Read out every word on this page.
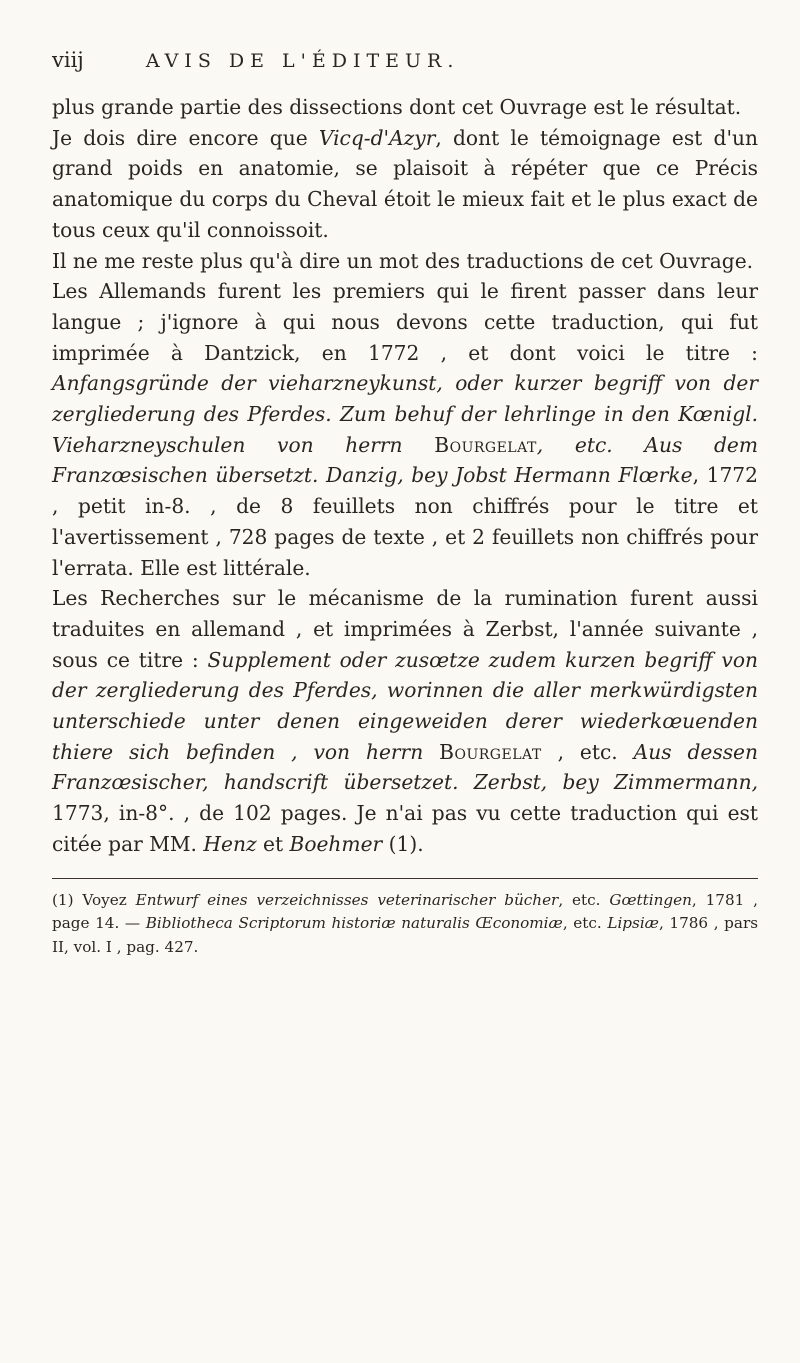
viij	AVIS DE L'ÉDITEUR.

plus grande partie des dissections dont cet Ouvrage est le résultat.

Je dois dire encore que Vicq-d'Azyr, dont le témoignage est d'un grand poids en anatomie, se plaisoit à répéter que ce Précis anatomique du corps du Cheval étoit le mieux fait et le plus exact de tous ceux qu'il connoissoit.

Il ne me reste plus qu'à dire un mot des traductions de cet Ouvrage.

Les Allemands furent les premiers qui le firent passer dans leur langue ; j'ignore à qui nous devons cette traduction, qui fut imprimée à Dantzick, en 1772 , et dont voici le titre : Anfangsgründe der vieharzneykunst, oder kurzer begriff von der zergliederung des Pferdes. Zum behuf der lehrlinge in den Kœnigl. Vieharzneyschulen von herrn Bourgelat, etc. Aus dem Franzœsischen übersetzt. Danzig, bey Jobst Hermann Flœrke, 1772 , petit in-8. , de 8 feuillets non chiffrés pour le titre et l'avertissement , 728 pages de texte , et 2 feuillets non chiffrés pour l'errata. Elle est littérale.

Les Recherches sur le mécanisme de la rumination furent aussi traduites en allemand , et imprimées à Zerbst, l'année suivante , sous ce titre : Supplement oder zusœtze zudem kurzen begriff von der zergliederung des Pferdes, worinnen die aller merkwürdigsten unterschiede unter denen eingeweiden derer wiederkœuenden thiere sich befinden , von herrn Bourgelat , etc. Aus dessen Franzœsischer, handscrift übersetzet. Zerbst, bey Zimmermann, 1773, in-8°. , de 102 pages. Je n'ai pas vu cette traduction qui est citée par MM. Henz et Boehmer (1).

(1) Voyez Entwurf eines verzeichnisses veterinarischer bücher, etc. Gœttingen, 1781 , page 14. — Bibliotheca Scriptorum historiæ naturalis Œconomiæ, etc. Lipsiæ, 1786 , pars II, vol. I , pag. 427.
